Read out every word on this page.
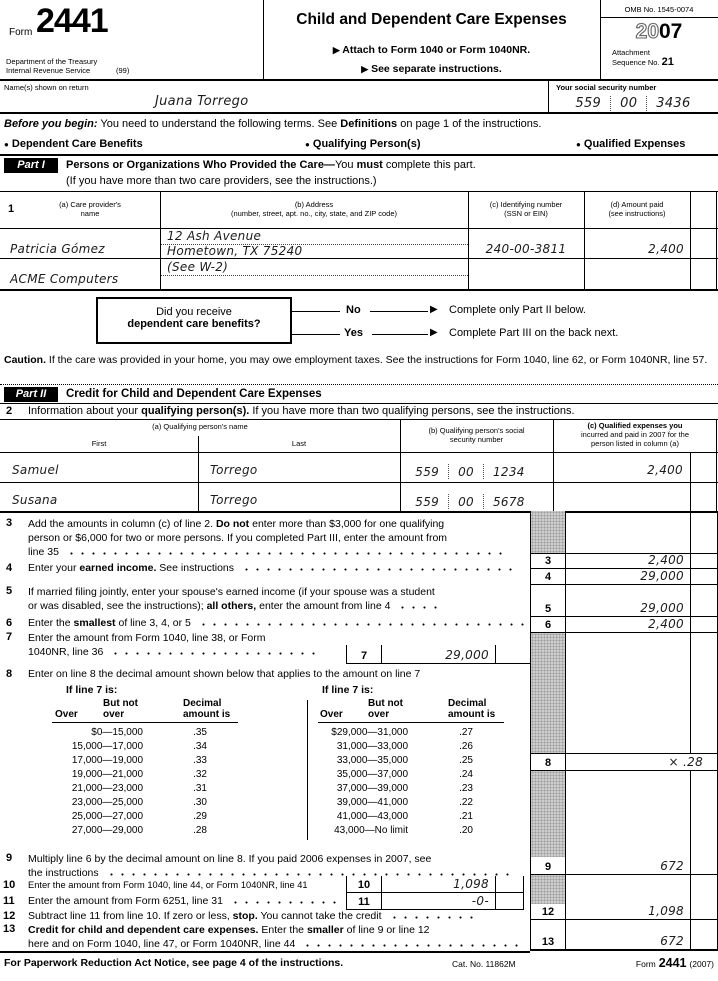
Form 2441
Department of the Treasury
Internal Revenue Service	(99)
Child and Dependent Care Expenses
▶ Attach to Form 1040 or Form 1040NR.
▶ See separate instructions.
OMB No. 1545-0074
2007
Attachment
Sequence No. 21
Name(s) shown on return
Juana Torrego
Your social security number
559 00 3436
Before you begin: You need to understand the following terms. See Definitions on page 1 of the instructions.
● Dependent Care Benefits	● Qualifying Person(s)	● Qualified Expenses
Part I	Persons or Organizations Who Provided the Care—You must complete this part.
(If you have more than two care providers, see the instructions.)
1	(a) Care provider's
name
(b) Address
(number, street, apt. no., city, state, and ZIP code)
(c) Identifying number
(SSN or EIN)
(d) Amount paid
(see instructions)
Patricia Gómez
12 Ash Avenue
Hometown, TX 75240	240-00-3811	2,400
ACME Computers
(See W-2)
Did you receive
dependent care benefits?
No	▶ Complete only Part II below.
Yes	▶ Complete Part III on the back next.
Caution. If the care was provided in your home, you may owe employment taxes. See the instructions for Form 1040, line 62, or Form 1040NR, line 57.
Part II	Credit for Child and Dependent Care Expenses
2 Information about your qualifying person(s). If you have more than two qualifying persons, see the instructions.
(a) Qualifying person's name
First	Last
(b) Qualifying person's social
security number
(c) Qualified expenses you
incurred and paid in 2007 for the
person listed in column (a)
Samuel	Torrego	559 00 1234	2,400
Susana	Torrego	559 00 5678
3 Add the amounts in column (c) of line 2. Do not enter more than $3,000 for one qualifying
person or $6,000 for two or more persons. If you completed Part III, enter the amount from
line 35
4 Enter your earned income. See instructions
5 If married filing jointly, enter your spouse's earned income (if your spouse was a student
or was disabled, see the instructions); all others, enter the amount from line 4
6 Enter the smallest of line 3, 4, or 5
3	2,400
4	29,000
5	29,000
6	2,400
7 Enter the amount from Form 1040, line 38, or Form
1040NR, line 36	7	29,000
8 Enter on line 8 the decimal amount shown below that applies to the amount on line 7
If line 7 is:	If line 7 is:
Over
But not
over
Decimal
amount is	Over
But not
over
Decimal
amount is
$0—15,000	.35
15,000—17,000	.34
17,000—19,000	.33
19,000—21,000	.32
21,000—23,000	.31
23,000—25,000	.30
25,000—27,000	.29
27,000—29,000	.28
$29,000—31,000	.27
31,000—33,000	.26
33,000—35,000	.25
35,000—37,000	.24
37,000—39,000	.23
39,000—41,000	.22
41,000—43,000	.21
43,000—No limit	.20
8	× .28
9 Multiply line 6 by the decimal amount on line 8. If you paid 2006 expenses in 2007, see
the instructions	9	672
10 Enter the amount from Form 1040, line 44, or Form 1040NR, line 41	10	1,098
11 Enter the amount from Form 6251, line 31	11	-0-
12 Subtract line 11 from line 10. If zero or less, stop. You cannot take the credit	12	1,098
13 Credit for child and dependent care expenses. Enter the smaller of line 9 or line 12
here and on Form 1040, line 47, or Form 1040NR, line 44	13	672
For Paperwork Reduction Act Notice, see page 4 of the instructions.	Cat. No. 11862M	Form 2441 (2007)
